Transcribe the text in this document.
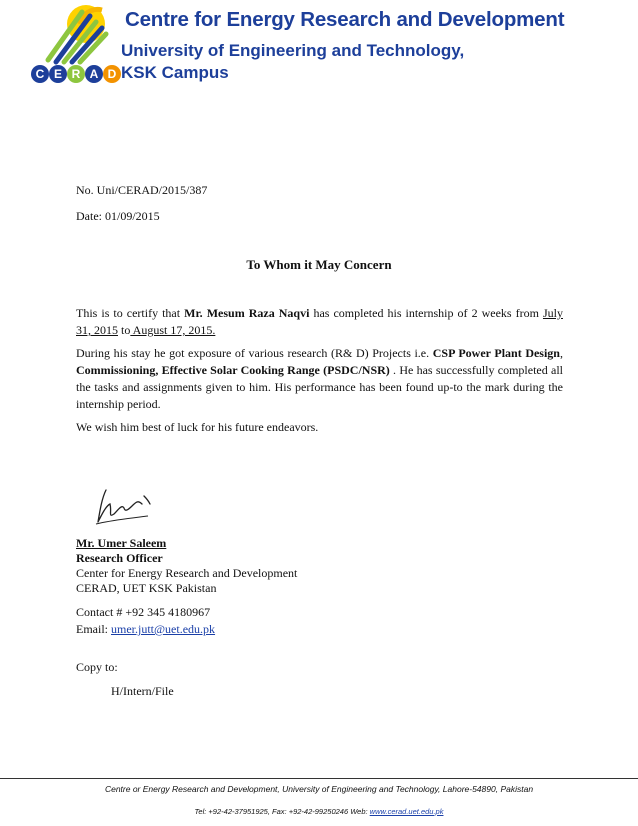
C E R A D
Centre for Energy Research and Development
University of Engineering and Technology,
KSK Campus
No. Uni/CERAD/2015/387
Date: 01/09/2015
To Whom it May Concern

This is to certify that Mr. Mesum Raza Naqvi has completed his internship of 2 weeks from July 31, 2015 to August 17, 2015.

During his stay he got exposure of various research (R& D) Projects i.e. CSP Power Plant Design, Commissioning, Effective Solar Cooking Range (PSDC/NSR) . He has successfully completed all the tasks and assignments given to him. His performance has been found up-to the mark during the internship period.

We wish him best of luck for his future endeavors.

Mr. Umer Saleem
Research Officer
Center for Energy Research and Development
CERAD, UET KSK Pakistan
Contact # +92 345 4180967
Email: umer.jutt@uet.edu.pk
Copy to:
H/Intern/File
Centre or Energy Research and Development, University of Engineering and Technology, Lahore-54890, Pakistan
Tel: +92-42-37951925, Fax: +92-42-99250246 Web: www.cerad.uet.edu.pk
